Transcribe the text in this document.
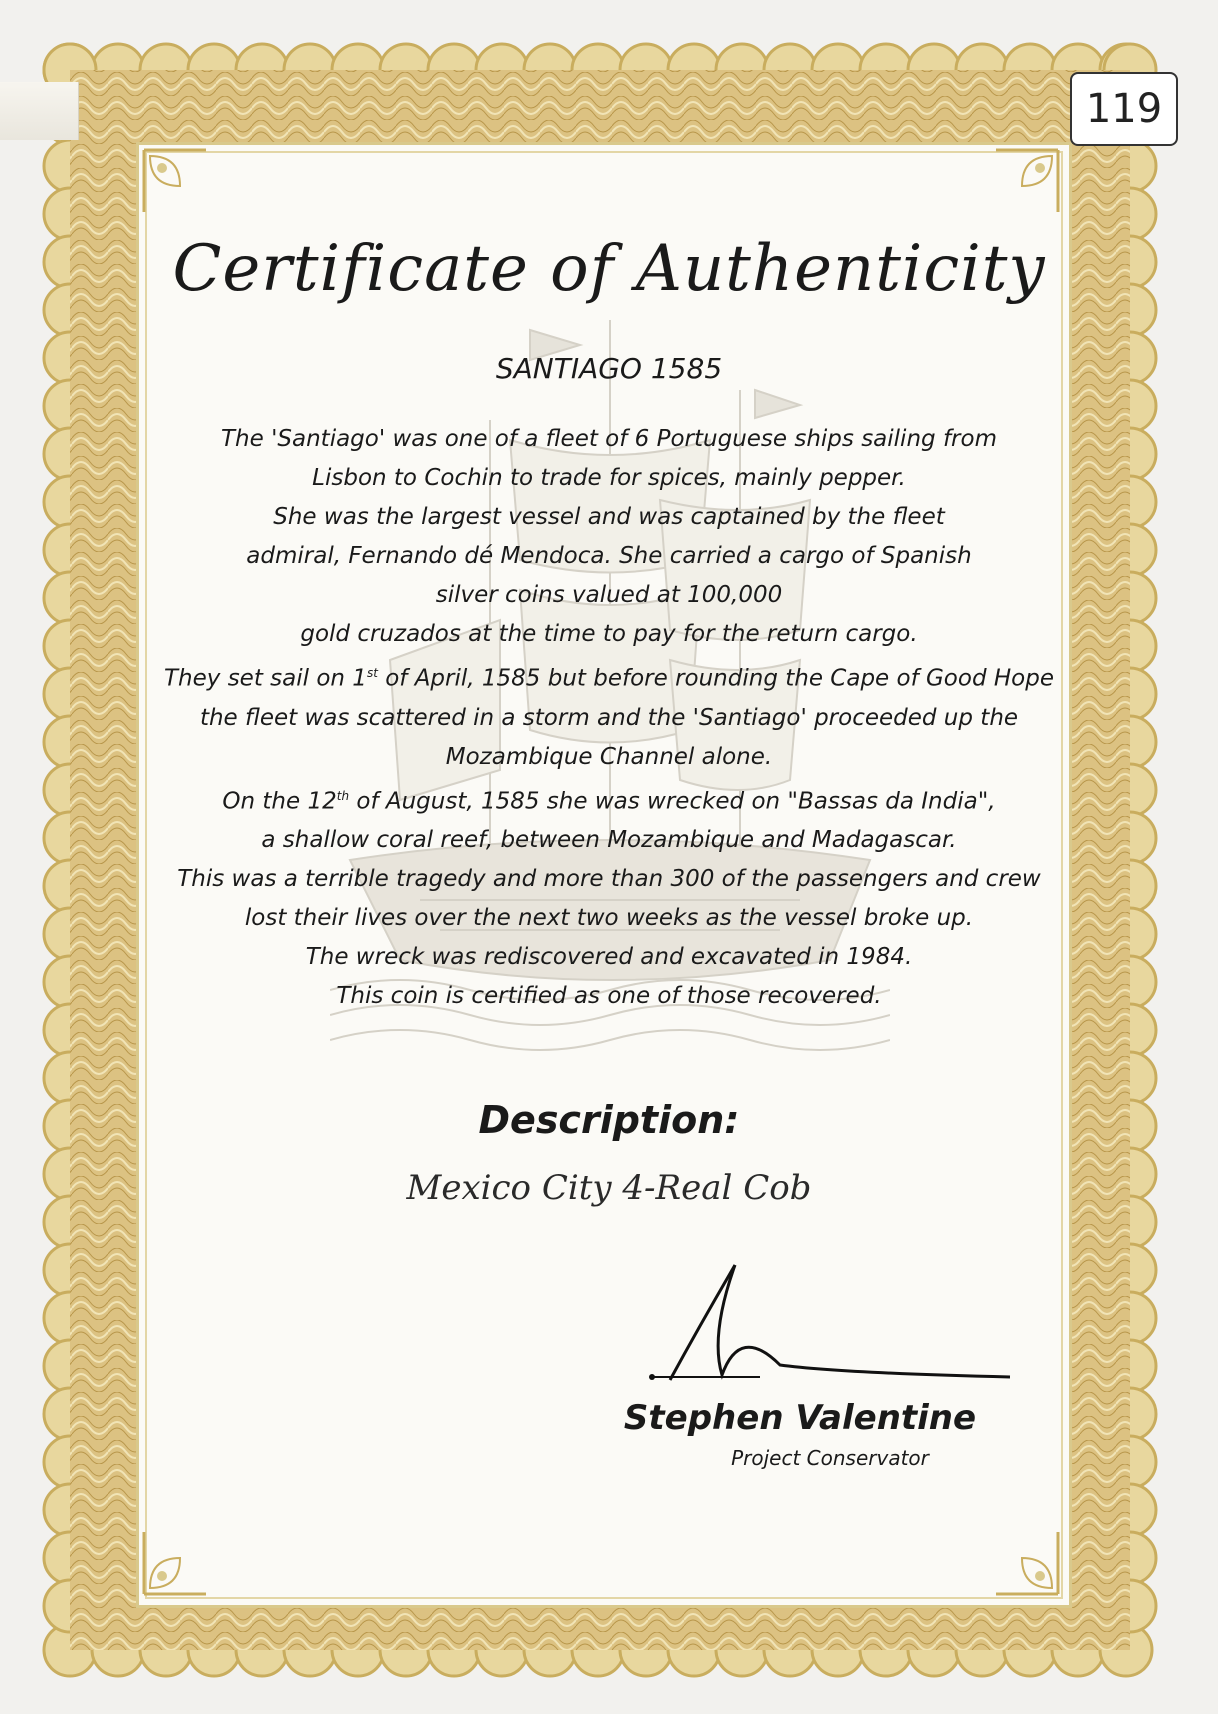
119
Certificate of Authenticity
SANTIAGO 1585
The 'Santiago' was one of a fleet of 6 Portuguese ships sailing from
Lisbon to Cochin to trade for spices, mainly pepper.
She was the largest vessel and was captained by the fleet
admiral, Fernando dé Mendoca. She carried a cargo of Spanish
silver coins valued at 100,000
gold cruzados at the time to pay for the return cargo.
They set sail on 1st of April, 1585 but before rounding the Cape of Good Hope
the fleet was scattered in a storm and the 'Santiago' proceeded up the
Mozambique Channel alone.
On the 12th of August, 1585 she was wrecked on "Bassas da India",
a shallow coral reef, between Mozambique and Madagascar.
This was a terrible tragedy and more than 300 of the passengers and crew
lost their lives over the next two weeks as the vessel broke up.
The wreck was rediscovered and excavated in 1984.
This coin is certified as one of those recovered.
Description:
Mexico City 4-Real Cob
Stephen Valentine
Project Conservator
